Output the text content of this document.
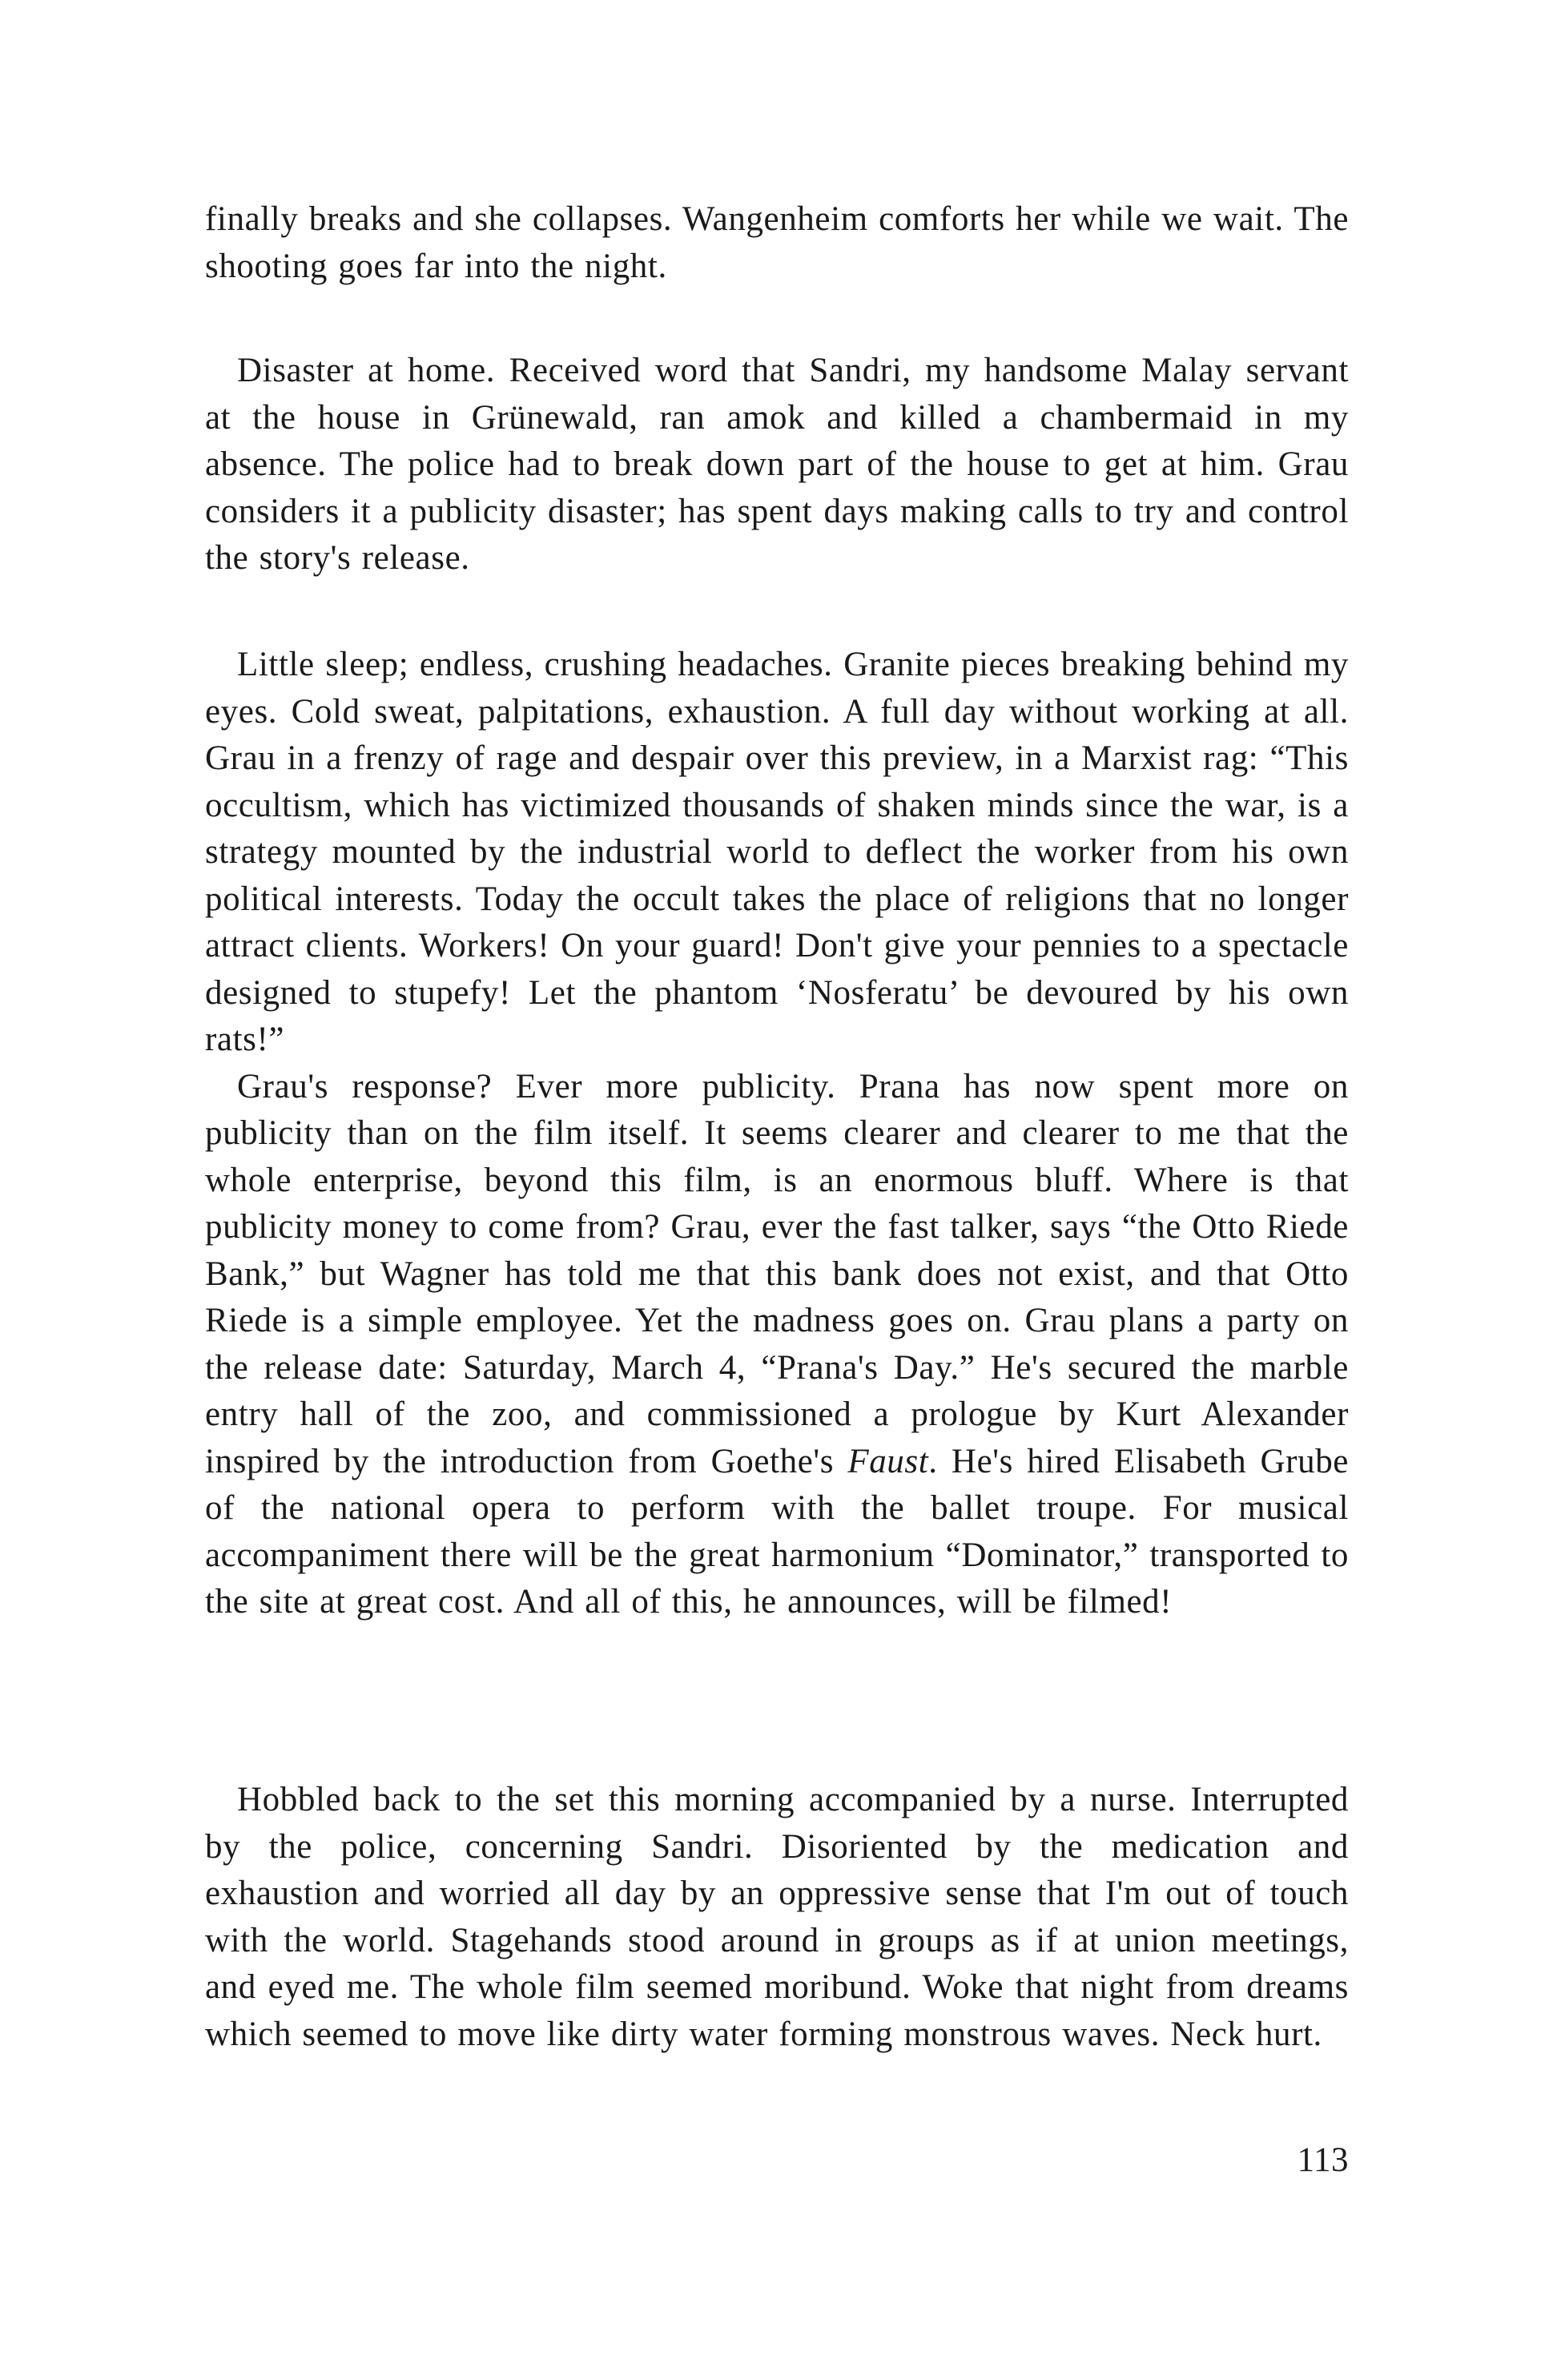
finally breaks and she collapses. Wangenheim comforts her while we wait. The shooting goes far into the night.

Disaster at home. Received word that Sandri, my handsome Malay servant at the house in Grünewald, ran amok and killed a chambermaid in my absence. The police had to break down part of the house to get at him. Grau considers it a publicity disaster; has spent days making calls to try and control the story's release.

Little sleep; endless, crushing headaches. Granite pieces breaking behind my eyes. Cold sweat, palpitations, exhaustion. A full day without working at all. Grau in a frenzy of rage and despair over this preview, in a Marxist rag: “This occultism, which has victimized thousands of shaken minds since the war, is a strategy mounted by the industrial world to deflect the worker from his own political interests. Today the occult takes the place of religions that no longer attract clients. Workers! On your guard! Don't give your pennies to a spectacle designed to stupefy! Let the phantom ‘Nosferatu’ be devoured by his own rats!”

Grau's response? Ever more publicity. Prana has now spent more on publicity than on the film itself. It seems clearer and clearer to me that the whole enterprise, beyond this film, is an enormous bluff. Where is that publicity money to come from? Grau, ever the fast talker, says “the Otto Riede Bank,” but Wagner has told me that this bank does not exist, and that Otto Riede is a simple employee. Yet the madness goes on. Grau plans a party on the release date: Saturday, March 4, “Prana's Day.” He's secured the marble entry hall of the zoo, and commissioned a prologue by Kurt Alexander inspired by the introduction from Goethe's Faust. He's hired Elisabeth Grube of the national opera to perform with the ballet troupe. For musical accompaniment there will be the great harmonium “Dominator,” transported to the site at great cost. And all of this, he announces, will be filmed!

Hobbled back to the set this morning accompanied by a nurse. Interrupted by the police, concerning Sandri. Disoriented by the medication and exhaustion and worried all day by an oppressive sense that I'm out of touch with the world. Stagehands stood around in groups as if at union meetings, and eyed me. The whole film seemed moribund. Woke that night from dreams which seemed to move like dirty water forming monstrous waves. Neck hurt.

113
